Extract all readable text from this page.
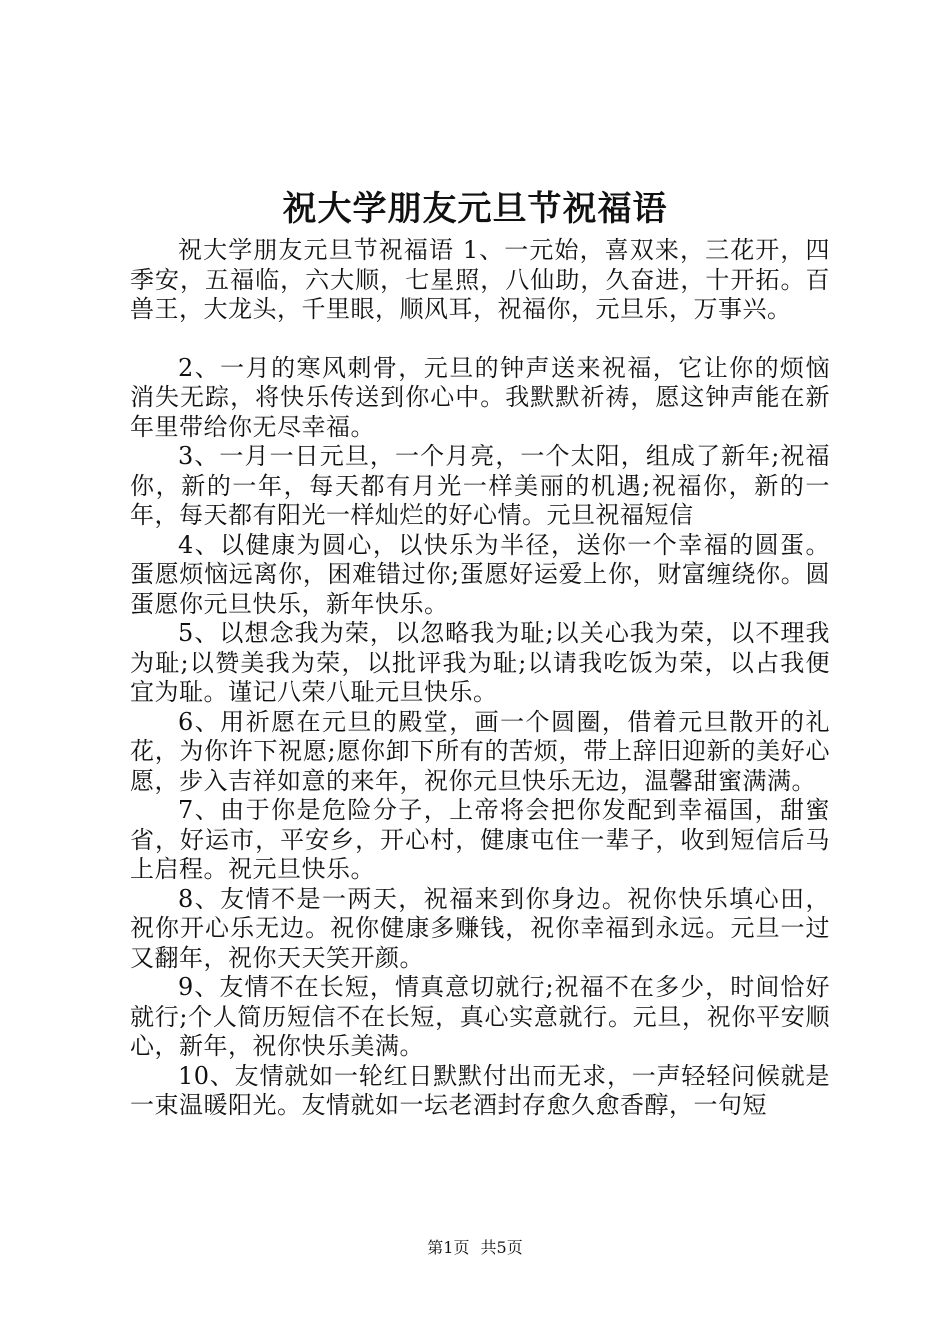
祝大学朋友元旦节祝福语

祝大学朋友元旦节祝福语 1、一元始，喜双来，三花开，四季安，五福临，六大顺，七星照，八仙助，久奋进，十开拓。百兽王，大龙头，千里眼，顺风耳，祝福你，元旦乐，万事兴。

2、一月的寒风刺骨，元旦的钟声送来祝福，它让你的烦恼消失无踪，将快乐传送到你心中。我默默祈祷，愿这钟声能在新年里带给你无尽幸福。

3、一月一日元旦，一个月亮，一个太阳，组成了新年;祝福你，新的一年，每天都有月光一样美丽的机遇;祝福你，新的一年，每天都有阳光一样灿烂的好心情。元旦祝福短信

4、以健康为圆心，以快乐为半径，送你一个幸福的圆蛋。蛋愿烦恼远离你，困难错过你;蛋愿好运爱上你，财富缠绕你。圆蛋愿你元旦快乐，新年快乐。

5、以想念我为荣，以忽略我为耻;以关心我为荣，以不理我为耻;以赞美我为荣，以批评我为耻;以请我吃饭为荣，以占我便宜为耻。谨记八荣八耻元旦快乐。

6、用祈愿在元旦的殿堂，画一个圆圈，借着元旦散开的礼花，为你许下祝愿;愿你卸下所有的苦烦，带上辞旧迎新的美好心愿，步入吉祥如意的来年，祝你元旦快乐无边，温馨甜蜜满满。

7、由于你是危险分子，上帝将会把你发配到幸福国，甜蜜省，好运市，平安乡，开心村，健康屯住一辈子，收到短信后马上启程。祝元旦快乐。

8、友情不是一两天，祝福来到你身边。祝你快乐填心田，祝你开心乐无边。祝你健康多赚钱，祝你幸福到永远。元旦一过又翻年，祝你天天笑开颜。

9、友情不在长短，情真意切就行;祝福不在多少，时间恰好就行;个人简历短信不在长短，真心实意就行。元旦，祝你平安顺心，新年，祝你快乐美满。

10、友情就如一轮红日默默付出而无求，一声轻轻问候就是一束温暖阳光。友情就如一坛老酒封存愈久愈香醇，一句短

第1页 共5页
